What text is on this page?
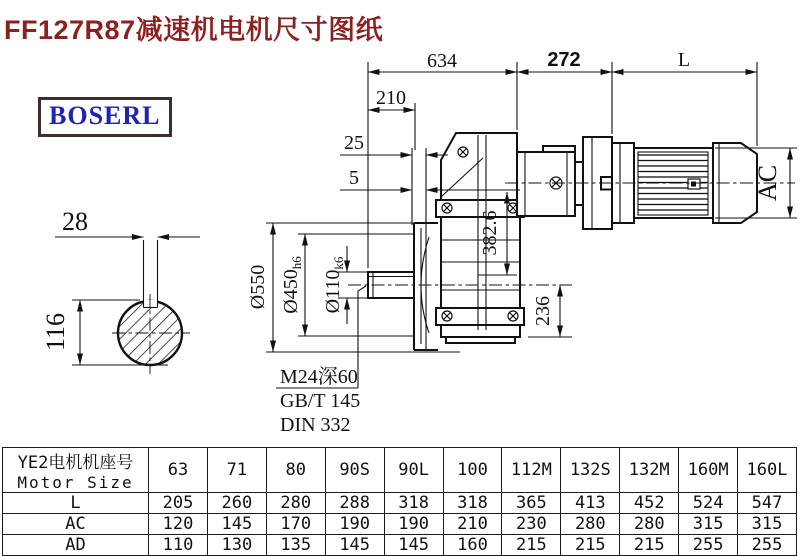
FF127R87减速机电机尺寸图纸
BOSERL
634	272	L
210
25
5
Ø550 $Ø450_{h6}$
$Ø110_{k6}$
382.6
236
AC
M24深60
GB/T 145
DIN 332
28
116
YE2电机机座号
Motor Size	63	71	80	90S	90L	100	112M	132S	132M	160M	160L
L	205	260	280	288	318	318	365	413	452	524	547
AC	120	145	170	190	190	210	230	280	280	315	315
AD	110	130	135	145	145	160	215	215	215	255	255
